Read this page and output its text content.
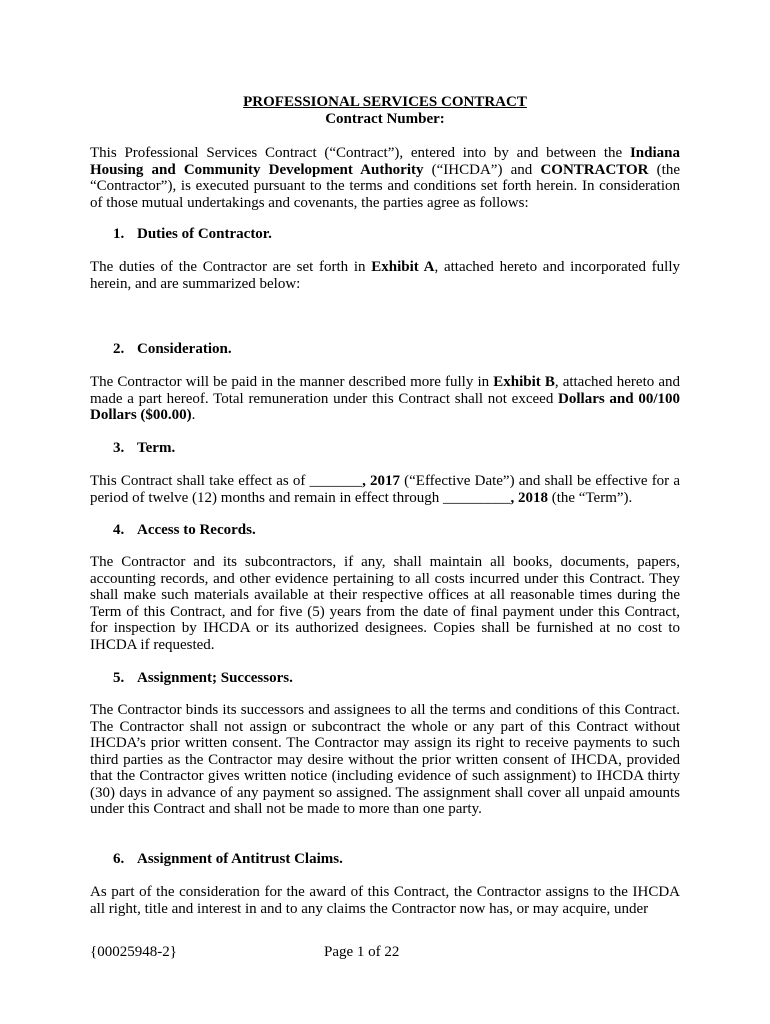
PROFESSIONAL SERVICES CONTRACT
Contract Number:

This Professional Services Contract (“Contract”), entered into by and between the Indiana Housing and Community Development Authority (“IHCDA”) and CONTRACTOR (the “Contractor”), is executed pursuant to the terms and conditions set forth herein. In consideration of those mutual undertakings and covenants, the parties agree as follows:

1. Duties of Contractor.

The duties of the Contractor are set forth in Exhibit A, attached hereto and incorporated fully herein, and are summarized below:

2. Consideration.

The Contractor will be paid in the manner described more fully in Exhibit B, attached hereto and made a part hereof. Total remuneration under this Contract shall not exceed Dollars and 00/100 Dollars ($00.00).

3. Term.

This Contract shall take effect as of _______, 2017 (“Effective Date”) and shall be effective for a period of twelve (12) months and remain in effect through _________, 2018 (the “Term”).

4. Access to Records.

The Contractor and its subcontractors, if any, shall maintain all books, documents, papers, accounting records, and other evidence pertaining to all costs incurred under this Contract. They shall make such materials available at their respective offices at all reasonable times during the Term of this Contract, and for five (5) years from the date of final payment under this Contract, for inspection by IHCDA or its authorized designees. Copies shall be furnished at no cost to IHCDA if requested.

5. Assignment; Successors.

The Contractor binds its successors and assignees to all the terms and conditions of this Contract. The Contractor shall not assign or subcontract the whole or any part of this Contract without IHCDA’s prior written consent. The Contractor may assign its right to receive payments to such third parties as the Contractor may desire without the prior written consent of IHCDA, provided that the Contractor gives written notice (including evidence of such assignment) to IHCDA thirty (30) days in advance of any payment so assigned. The assignment shall cover all unpaid amounts under this Contract and shall not be made to more than one party.

6. Assignment of Antitrust Claims.

As part of the consideration for the award of this Contract, the Contractor assigns to the IHCDA all right, title and interest in and to any claims the Contractor now has, or may acquire, under

{00025948-2}	Page 1 of 22
